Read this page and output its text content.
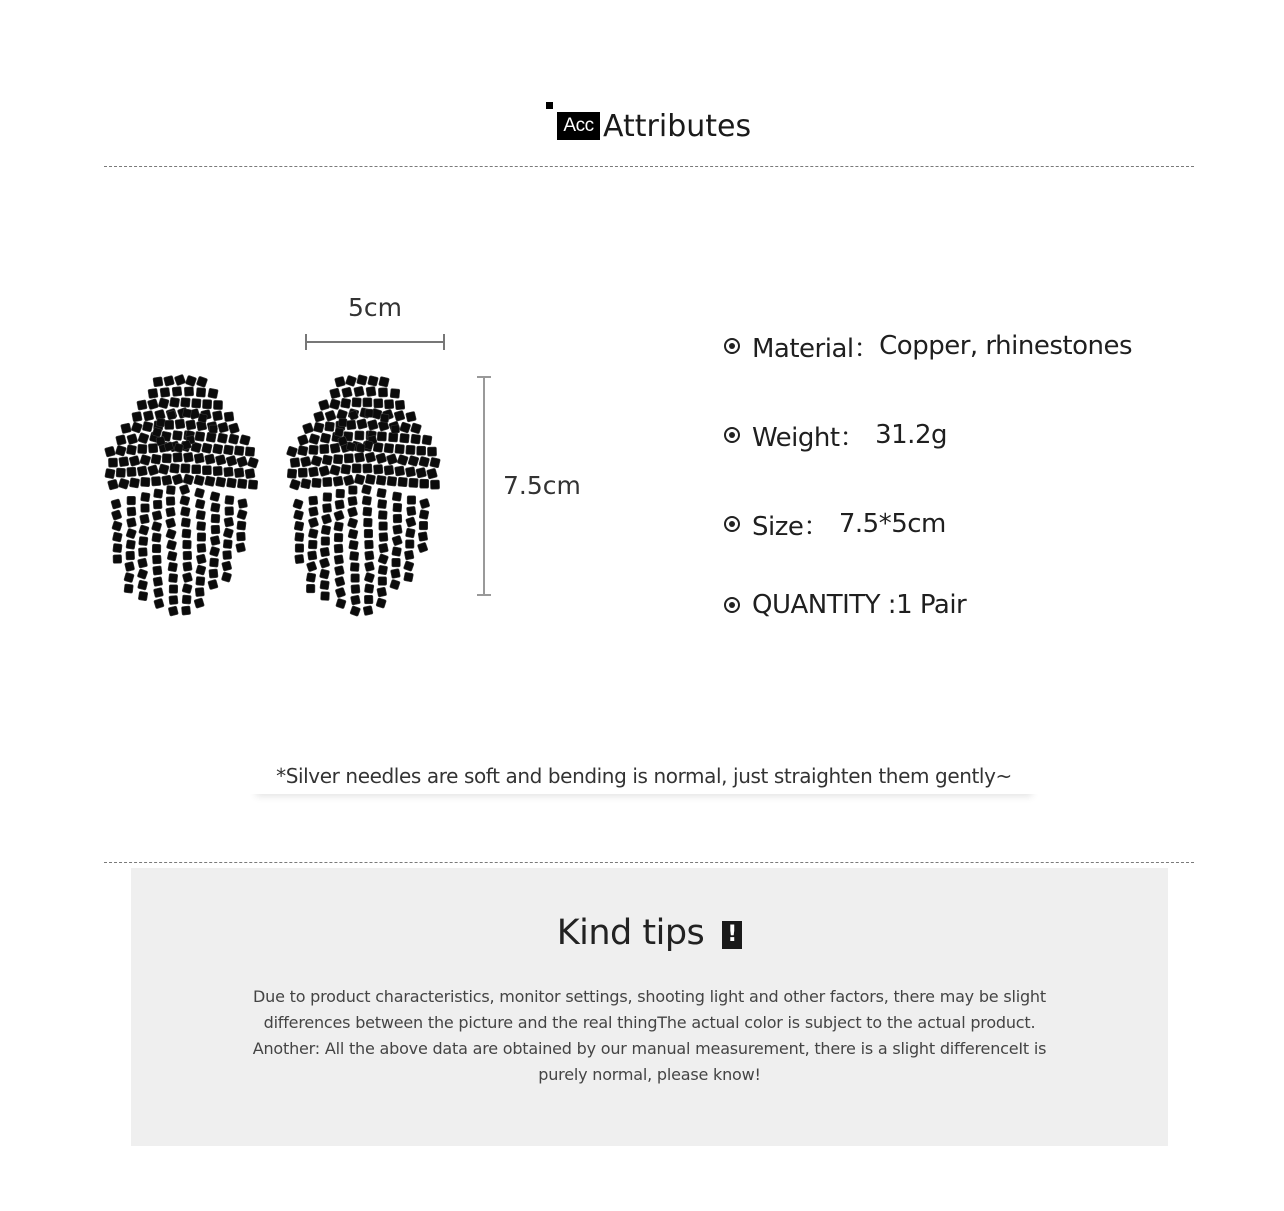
Acc Attributes
5cm
7.5cm
Material： Copper, rhinestones
Weight： 31.2g
Size： 7.5*5cm
QUANTITY : 1 Pair
*Silver needles are soft and bending is normal, just straighten them gently~
Kind tips !
Due to product characteristics, monitor settings, shooting light and other factors, there may be slight
differences between the picture and the real thingThe actual color is subject to the actual product.
Another: All the above data are obtained by our manual measurement, there is a slight differenceIt is
purely normal, please know!
